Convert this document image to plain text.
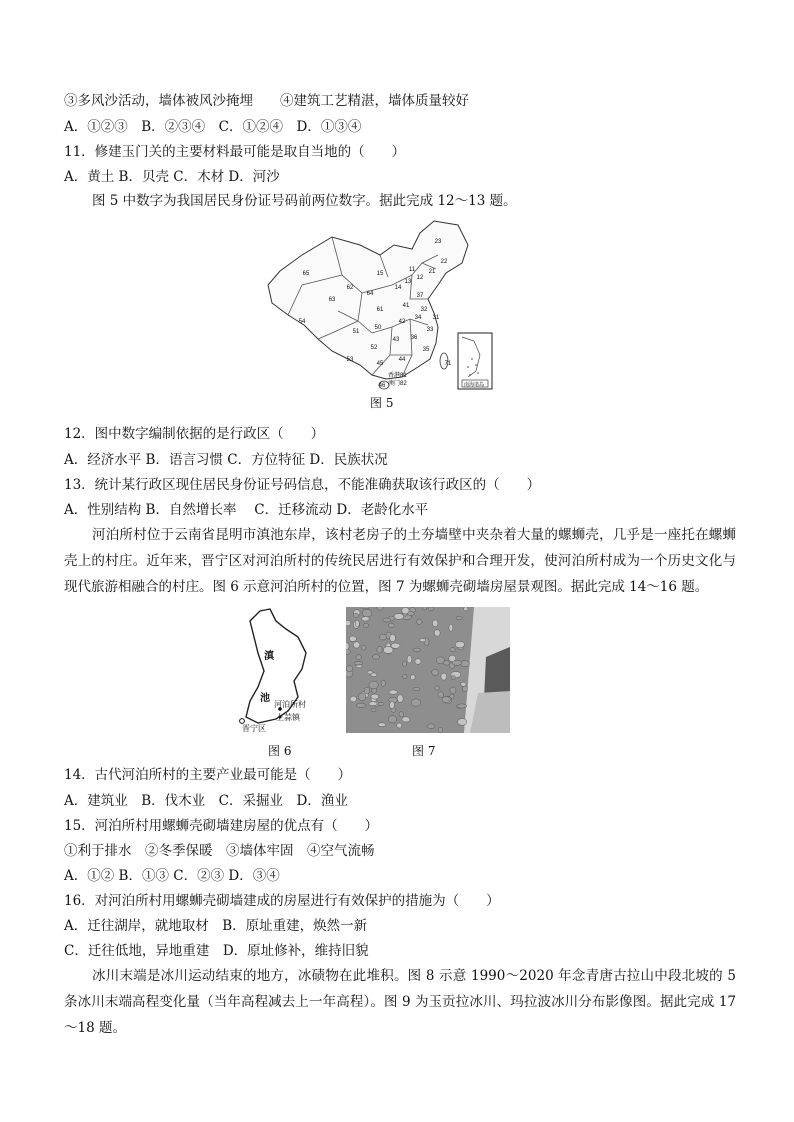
③多风沙活动，墙体被风沙掩埋　　④建筑工艺精湛，墙体质量较好
A．①②③　B．②③④　C．①②④　D．①③④
11．修建玉门关的主要材料最可能是取自当地的（　　）
A．黄土 B．贝壳 C．木材 D．河沙
图 5 中数字为我国居民身份证号码前两位数字。据此完成 12～13 题。
65	15
23
22
21
63
62
64
14
13
11
12
37
54
61
41
32
31
51
50
42
34
33
52
43 36
35
53
45
44
46
71
香港81
澳门82	南海诸岛
图 5
12．图中数字编制依据的是行政区（　　）
A．经济水平 B．语言习惯 C．方位特征 D．民族状况
13．统计某行政区现住居民身份证号码信息，不能准确获取该行政区的（　　）
A．性别结构 B．自然增长率　 C．迁移流动 D．老龄化水平
河泊所村位于云南省昆明市滇池东岸，该村老房子的土夯墙壁中夹杂着大量的螺蛳壳，几乎是一座托在螺蛳壳上的村庄。近年来，晋宁区对河泊所村的传统民居进行有效保护和合理开发，使河泊所村成为一个历史文化与现代旅游相融合的村庄。图 6 示意河泊所村的位置，图 7 为螺蛳壳砌墙房屋景观图。据此完成 14～16 题。
滇
池
河泊所村
上蒜镇
晋宁区
图 6	图 7
14．古代河泊所村的主要产业最可能是（　　）
A．建筑业　B．伐木业　C．采掘业　D．渔业
15．河泊所村用螺蛳壳砌墙建房屋的优点有（　　）
①利于排水　②冬季保暖　③墙体牢固　④空气流畅
A．①② B．①③ C．②③ D．③④
16．对河泊所村用螺蛳壳砌墙建成的房屋进行有效保护的措施为（　　）
A．迁往湖岸，就地取材　B．原址重建，焕然一新
C．迁往低地，异地重建　D．原址修补，维持旧貌
冰川末端是冰川运动结束的地方，冰碛物在此堆积。图 8 示意 1990～2020 年念青唐古拉山中段北坡的 5 条冰川末端高程变化量（当年高程减去上一年高程）。图 9 为玉贡拉冰川、玛拉波冰川分布影像图。据此完成 17～18 题。
